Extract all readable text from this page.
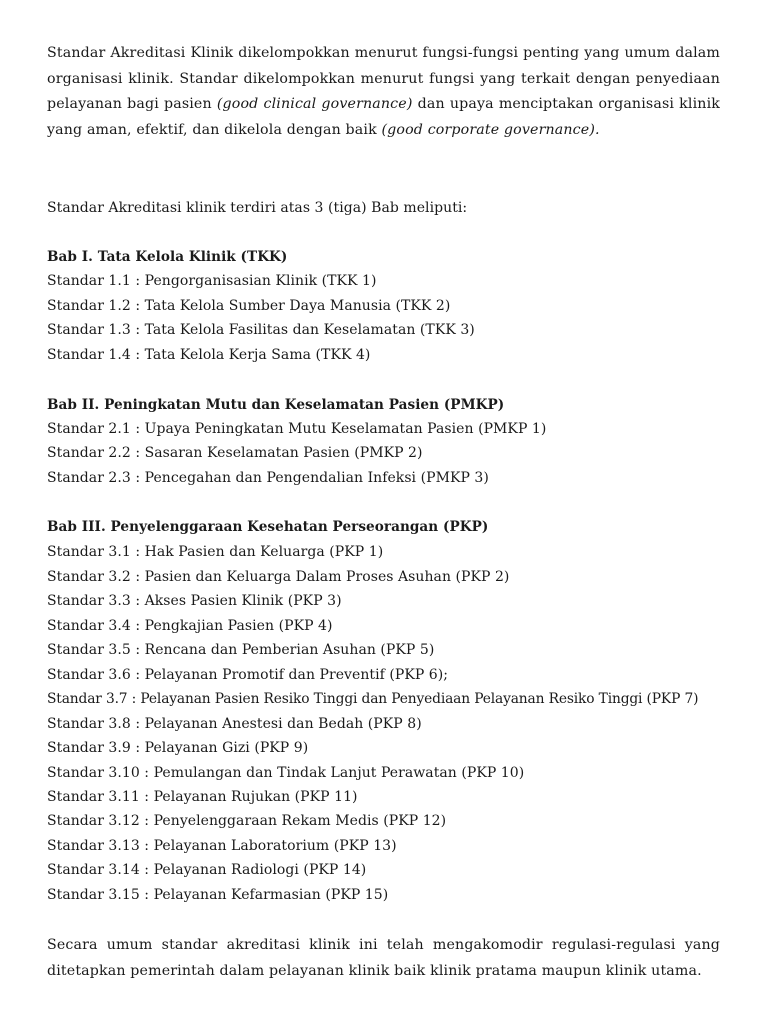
Standar Akreditasi Klinik dikelompokkan menurut fungsi-fungsi penting yang umum dalam organisasi klinik. Standar dikelompokkan menurut fungsi yang terkait dengan penyediaan pelayanan bagi pasien (good clinical governance) dan upaya menciptakan organisasi klinik yang aman, efektif, dan dikelola dengan baik (good corporate governance).

Standar Akreditasi klinik terdiri atas 3 (tiga) Bab meliputi:
Bab I. Tata Kelola Klinik (TKK)
Standar 1.1 : Pengorganisasian Klinik (TKK 1)
Standar 1.2 : Tata Kelola Sumber Daya Manusia (TKK 2)
Standar 1.3 : Tata Kelola Fasilitas dan Keselamatan (TKK 3)
Standar 1.4 : Tata Kelola Kerja Sama (TKK 4)
Bab II. Peningkatan Mutu dan Keselamatan Pasien (PMKP)
Standar 2.1 : Upaya Peningkatan Mutu Keselamatan Pasien (PMKP 1)
Standar 2.2 : Sasaran Keselamatan Pasien (PMKP 2)
Standar 2.3 : Pencegahan dan Pengendalian Infeksi (PMKP 3)
Bab III. Penyelenggaraan Kesehatan Perseorangan (PKP)
Standar 3.1 : Hak Pasien dan Keluarga (PKP 1)
Standar 3.2 : Pasien dan Keluarga Dalam Proses Asuhan (PKP 2)
Standar 3.3 : Akses Pasien Klinik (PKP 3)
Standar 3.4 : Pengkajian Pasien (PKP 4)
Standar 3.5 : Rencana dan Pemberian Asuhan (PKP 5)
Standar 3.6 : Pelayanan Promotif dan Preventif (PKP 6);
Standar 3.7 : Pelayanan Pasien Resiko Tinggi dan Penyediaan Pelayanan Resiko Tinggi (PKP 7)
Standar 3.8 : Pelayanan Anestesi dan Bedah (PKP 8)
Standar 3.9 : Pelayanan Gizi (PKP 9)
Standar 3.10 : Pemulangan dan Tindak Lanjut Perawatan (PKP 10)
Standar 3.11 : Pelayanan Rujukan (PKP 11)
Standar 3.12 : Penyelenggaraan Rekam Medis (PKP 12)
Standar 3.13 : Pelayanan Laboratorium (PKP 13)
Standar 3.14 : Pelayanan Radiologi (PKP 14)
Standar 3.15 : Pelayanan Kefarmasian (PKP 15)

Secara umum standar akreditasi klinik ini telah mengakomodir regulasi-regulasi yang ditetapkan pemerintah dalam pelayanan klinik baik klinik pratama maupun klinik utama.
